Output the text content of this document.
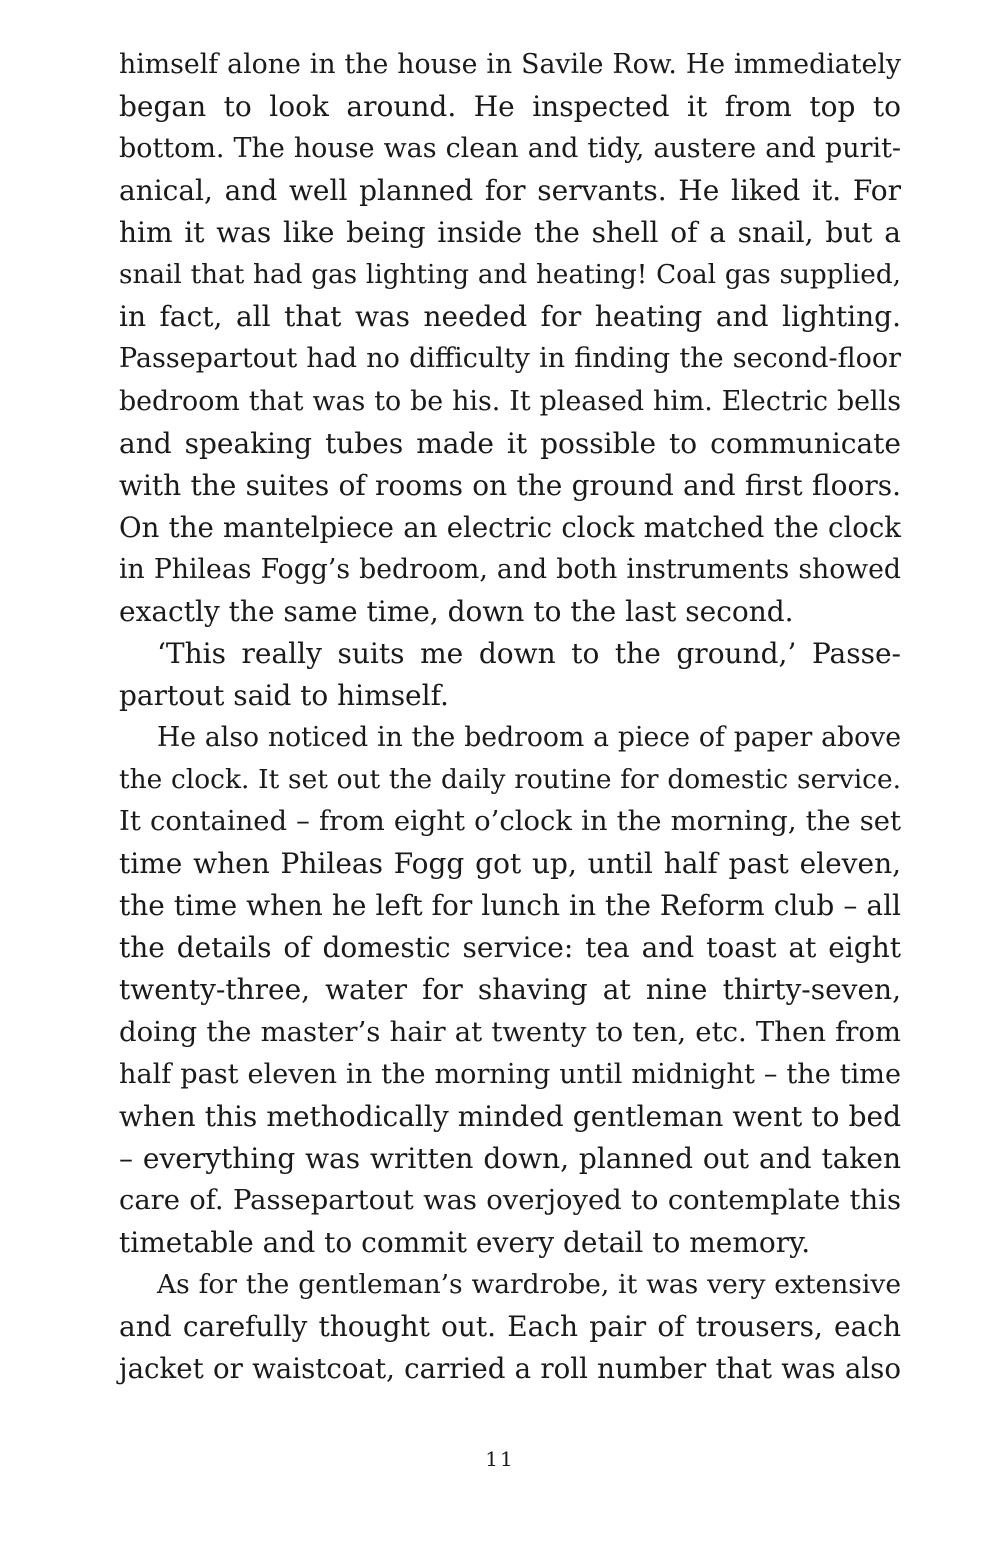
himself alone in the house in Savile Row. He immediately
began to look around. He inspected it from top to
bottom. The house was clean and tidy, austere and purit-
anical, and well planned for servants. He liked it. For
him it was like being inside the shell of a snail, but a
snail that had gas lighting and heating! Coal gas supplied,
in fact, all that was needed for heating and lighting.
Passepartout had no difficulty in finding the second-floor
bedroom that was to be his. It pleased him. Electric bells
and speaking tubes made it possible to communicate
with the suites of rooms on the ground and first floors.
On the mantelpiece an electric clock matched the clock
in Phileas Fogg’s bedroom, and both instruments showed
exactly the same time, down to the last second.
‘This really suits me down to the ground,’ Passe-
partout said to himself.
He also noticed in the bedroom a piece of paper above
the clock. It set out the daily routine for domestic service.
It contained – from eight o’clock in the morning, the set
time when Phileas Fogg got up, until half past eleven,
the time when he left for lunch in the Reform club – all
the details of domestic service: tea and toast at eight
twenty-three, water for shaving at nine thirty-seven,
doing the master’s hair at twenty to ten, etc. Then from
half past eleven in the morning until midnight – the time
when this methodically minded gentleman went to bed
– everything was written down, planned out and taken
care of. Passepartout was overjoyed to contemplate this
timetable and to commit every detail to memory.
As for the gentleman’s wardrobe, it was very extensive
and carefully thought out. Each pair of trousers, each
jacket or waistcoat, carried a roll number that was also
11
